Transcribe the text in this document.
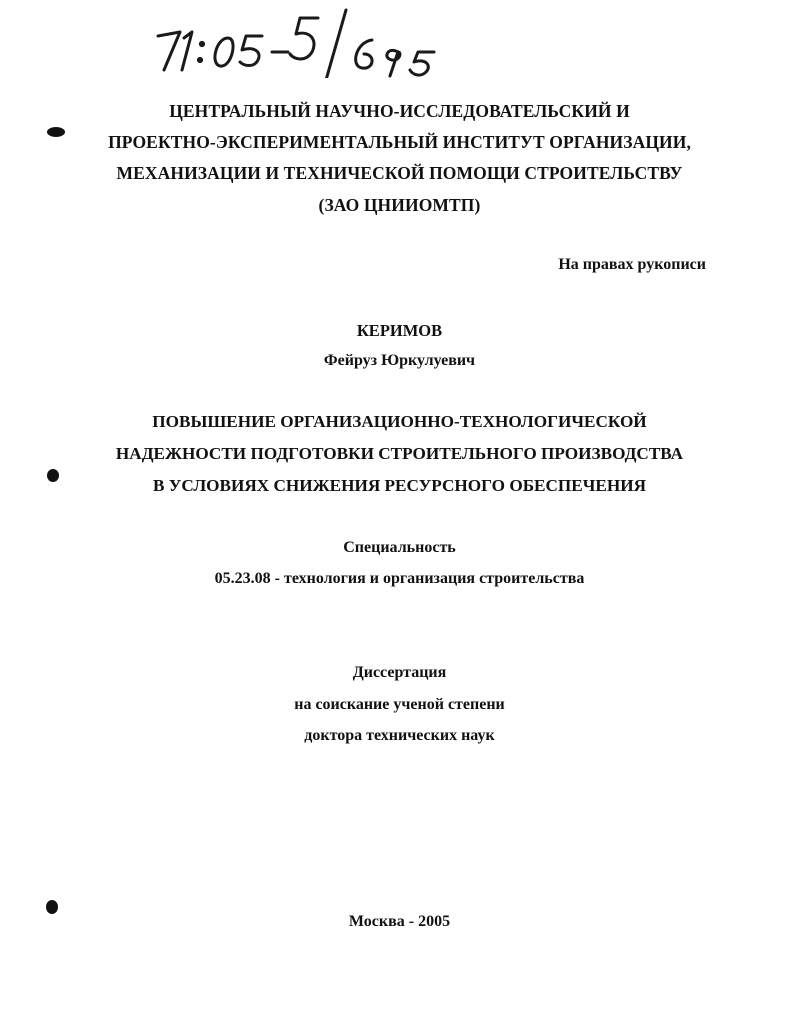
ЦЕНТРАЛЬНЫЙ НАУЧНО-ИССЛЕДОВАТЕЛЬСКИЙ И
ПРОЕКТНО-ЭКСПЕРИМЕНТАЛЬНЫЙ ИНСТИТУТ ОРГАНИЗАЦИИ,
МЕХАНИЗАЦИИ И ТЕХНИЧЕСКОЙ ПОМОЩИ СТРОИТЕЛЬСТВУ
(ЗАО ЦНИИОМТП)
На правах рукописи
КЕРИМОВ
Фейруз Юркулуевич
ПОВЫШЕНИЕ ОРГАНИЗАЦИОННО-ТЕХНОЛОГИЧЕСКОЙ
НАДЕЖНОСТИ ПОДГОТОВКИ СТРОИТЕЛЬНОГО ПРОИЗВОДСТВА
В УСЛОВИЯХ СНИЖЕНИЯ РЕСУРСНОГО ОБЕСПЕЧЕНИЯ
Специальность
05.23.08 - технология и организация строительства
Диссертация
на соискание ученой степени
доктора технических наук
Москва - 2005
